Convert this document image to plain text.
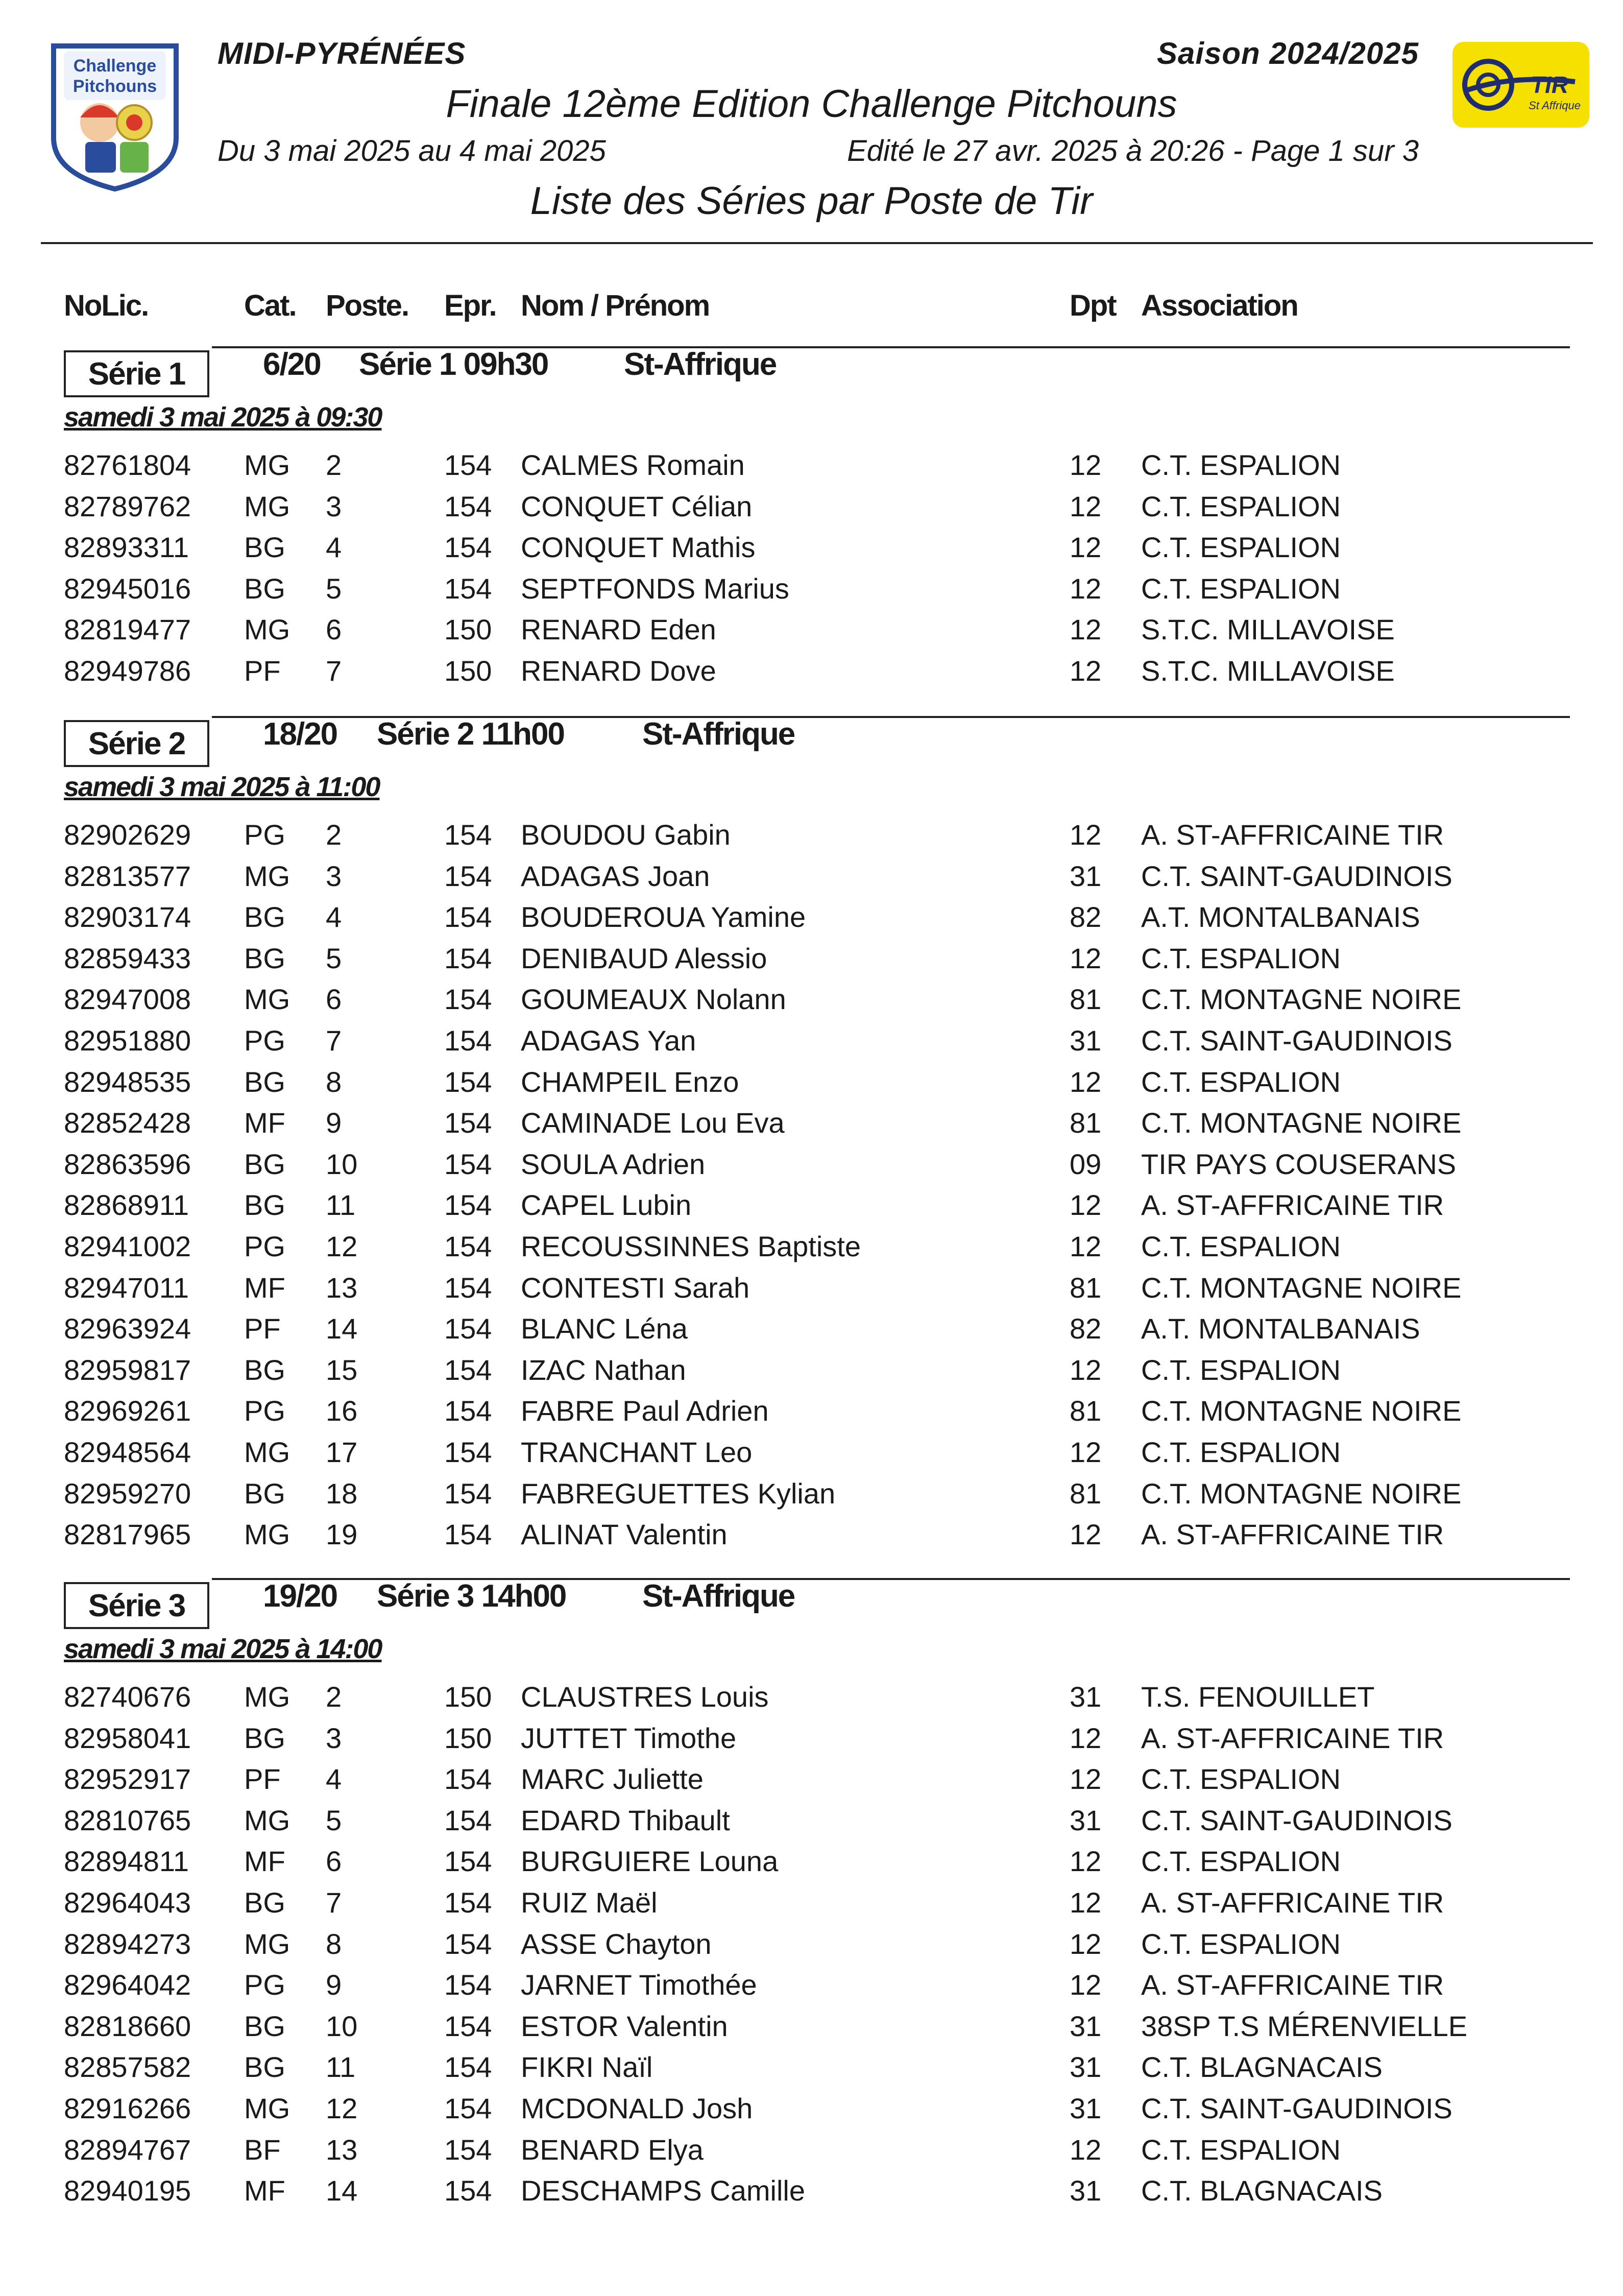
Challenge
Pitchouns	TIR
St Affrique
MIDI-PYRÉNÉES	Saison 2024/2025
Finale 12ème Edition Challenge Pitchouns
Du 3 mai 2025 au 4 mai 2025	Edité le 27 avr. 2025 à 20:26 - Page 1 sur 3
Liste des Séries par Poste de Tir
NoLic.	Cat. Poste. Epr. Nom / Prénom	Dpt Association
Série 1	6/20 Série 1 09h30 St-Affrique
samedi 3 mai 2025 à 09:30
82761804 MG 2	154 CALMES Romain	12 C.T. ESPALION
82789762 MG 3	154 CONQUET Célian	12 C.T. ESPALION
82893311 BG 4	154 CONQUET Mathis	12 C.T. ESPALION
82945016 BG 5	154 SEPTFONDS Marius	12 C.T. ESPALION
82819477 MG 6	150 RENARD Eden	12 S.T.C. MILLAVOISE
82949786 PF 7	150 RENARD Dove	12 S.T.C. MILLAVOISE
Série 2	18/20 Série 2 11h00 St-Affrique
samedi 3 mai 2025 à 11:00
82902629 PG 2	154 BOUDOU Gabin	12 A. ST-AFFRICAINE TIR
82813577 MG 3	154 ADAGAS Joan	31 C.T. SAINT-GAUDINOIS
82903174 BG 4	154 BOUDEROUA Yamine	82 A.T. MONTALBANAIS
82859433 BG 5	154 DENIBAUD Alessio	12 C.T. ESPALION
82947008 MG 6	154 GOUMEAUX Nolann	81 C.T. MONTAGNE NOIRE
82951880 PG 7	154 ADAGAS Yan	31 C.T. SAINT-GAUDINOIS
82948535 BG 8	154 CHAMPEIL Enzo	12 C.T. ESPALION
82852428 MF 9	154 CAMINADE Lou Eva	81 C.T. MONTAGNE NOIRE
82863596 BG 10	154 SOULA Adrien	09 TIR PAYS COUSERANS
82868911 BG 11	154 CAPEL Lubin	12 A. ST-AFFRICAINE TIR
82941002 PG 12	154 RECOUSSINNES Baptiste	12 C.T. ESPALION
82947011 MF 13	154 CONTESTI Sarah	81 C.T. MONTAGNE NOIRE
82963924 PF 14	154 BLANC Léna	82 A.T. MONTALBANAIS
82959817 BG 15	154 IZAC Nathan	12 C.T. ESPALION
82969261 PG 16	154 FABRE Paul Adrien	81 C.T. MONTAGNE NOIRE
82948564 MG 17	154 TRANCHANT Leo	12 C.T. ESPALION
82959270 BG 18	154 FABREGUETTES Kylian	81 C.T. MONTAGNE NOIRE
82817965 MG 19	154 ALINAT Valentin	12 A. ST-AFFRICAINE TIR
Série 3	19/20 Série 3 14h00 St-Affrique
samedi 3 mai 2025 à 14:00
82740676 MG 2	150 CLAUSTRES Louis	31 T.S. FENOUILLET
82958041 BG 3	150 JUTTET Timothe	12 A. ST-AFFRICAINE TIR
82952917 PF 4	154 MARC Juliette	12 C.T. ESPALION
82810765 MG 5	154 EDARD Thibault	31 C.T. SAINT-GAUDINOIS
82894811 MF 6	154 BURGUIERE Louna	12 C.T. ESPALION
82964043 BG 7	154 RUIZ Maël	12 A. ST-AFFRICAINE TIR
82894273 MG 8	154 ASSE Chayton	12 C.T. ESPALION
82964042 PG 9	154 JARNET Timothée	12 A. ST-AFFRICAINE TIR
82818660 BG 10	154 ESTOR Valentin	31 38SP T.S MÉRENVIELLE
82857582 BG 11	154 FIKRI Naïl	31 C.T. BLAGNACAIS
82916266 MG 12	154 MCDONALD Josh	31 C.T. SAINT-GAUDINOIS
82894767 BF 13	154 BENARD Elya	12 C.T. ESPALION
82940195 MF 14	154 DESCHAMPS Camille	31 C.T. BLAGNACAIS
